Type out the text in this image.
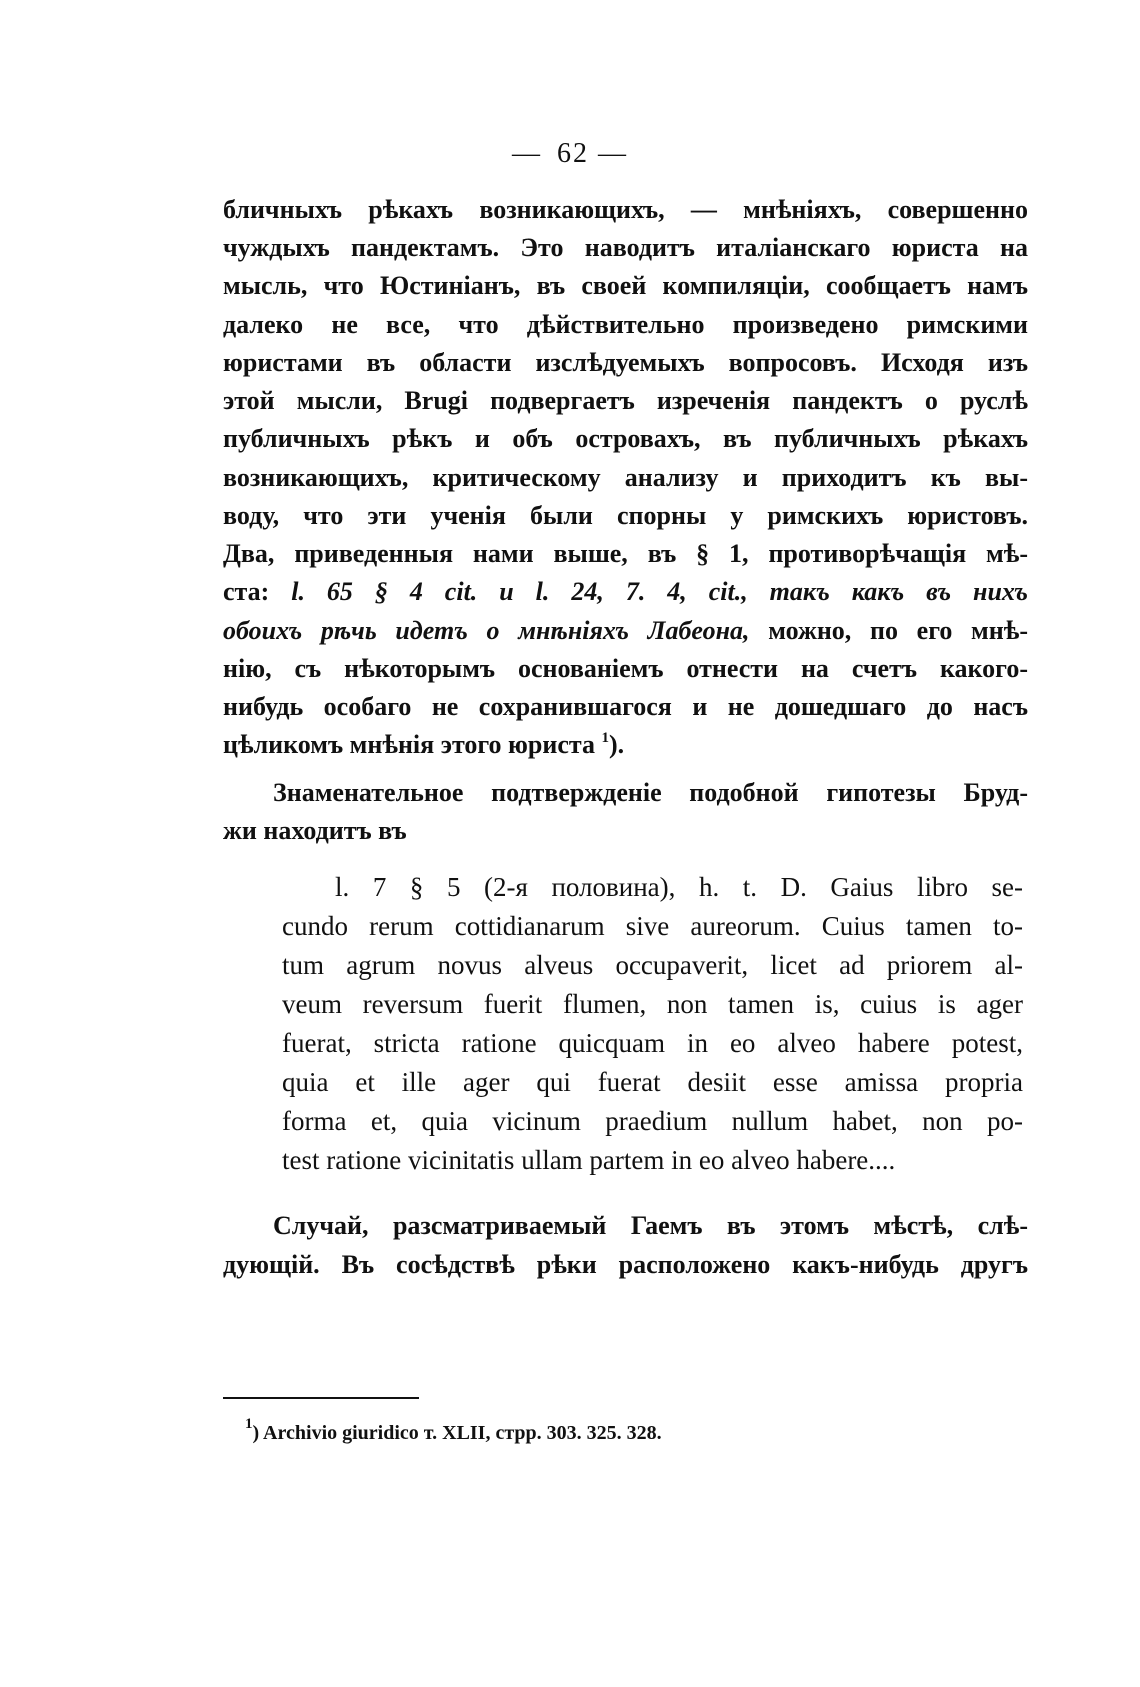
— 62 —
бличныхъ рѣкахъ возникающихъ, — мнѣніяхъ, совершенно
чуждыхъ пандектамъ. Это наводитъ италіанскаго юриста на
мысль, что Юстиніанъ, въ своей компиляціи, сообщаетъ намъ
далеко не все, что дѣйствительно произведено римскими
юристами въ области изслѣдуемыхъ вопросовъ. Исходя изъ
этой мысли, Brugi подвергаетъ изреченія пандектъ о руслѣ
публичныхъ рѣкъ и объ островахъ, въ публичныхъ рѣкахъ
возникающихъ, критическому анализу и приходитъ къ вы-
воду, что эти ученія были спорны у римскихъ юристовъ.
Два, приведенныя нами выше, въ § 1, противорѣчащія мѣ-
ста: l. 65 § 4 cit. и l. 24, 7. 4, cit., такъ какъ въ нихъ
обоихъ рѣчь идетъ о мнѣніяхъ Лабеона, можно, по его мнѣ-
нію, съ нѣкоторымъ основаніемъ отнести на счетъ какого-
нибудь особаго не сохранившагося и не дошедшаго до насъ
цѣликомъ мнѣнія этого юриста $^1$).
Знаменательное подтвержденіе подобной гипотезы Бруд-
жи находитъ въ
l. 7 § 5 (2-я половина), h. t. D. Gaius libro se-
cundo rerum cottidianarum sive aureorum. Cuius tamen to-
tum agrum novus alveus occupaverit, licet ad priorem al-
veum reversum fuerit flumen, non tamen is, cuius is ager
fuerat, stricta ratione quicquam in eo alveo habere potest,
quia et ille ager qui fuerat desiit esse amissa propria
forma et, quia vicinum praedium nullum habet, non po-
test ratione vicinitatis ullam partem in eo alveo habere....
Случай, разсматриваемый Гаемъ въ этомъ мѣстѣ, слѣ-
дующій. Въ сосѣдствѣ рѣки расположено какъ-нибудь другъ
$^1$) Archivio giuridico т. XLII, стрр. 303. 325. 328.
